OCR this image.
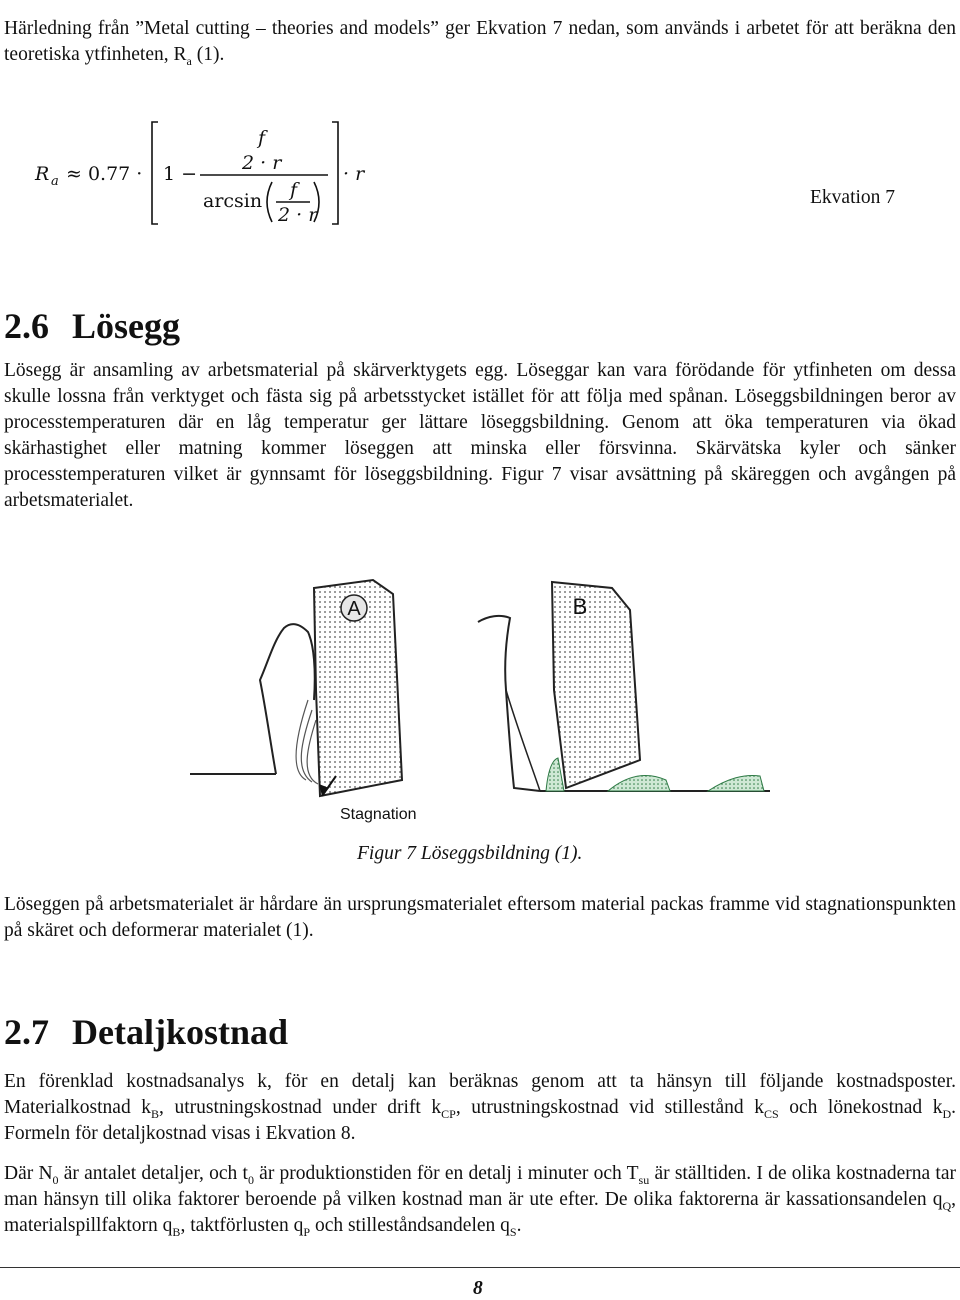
Härledning från ”Metal cutting – theories and models” ger Ekvation 7 nedan, som används i arbetet för att beräkna den teoretiska ytfinheten, $R_a$ (1).

R a ≈ 0.77 · 1 −
f
2 · r
arcsin f
2 · r
· r
Ekvation 7
2.6 Lösegg

Lösegg är ansamling av arbetsmaterial på skärverktygets egg. Löseggar kan vara förödande för ytfinheten om dessa skulle lossna från verktyget och fästa sig på arbetsstycket istället för att följa med spånan. Löseggsbildningen beror av processtemperaturen där en låg temperatur ger lättare löseggsbildning. Genom att öka temperaturen via ökad skärhastighet eller matning kommer löseggen att minska eller försvinna. Skärvätska kyler och sänker processtemperaturen vilket är gynnsamt för löseggsbildning. Figur 7 visar avsättning på skäreggen och avgången på arbetsmaterialet.

A
Stagnation
B
Figur 7 Löseggsbildning (1).

Löseggen på arbetsmaterialet är hårdare än ursprungsmaterialet eftersom material packas framme vid stagnationspunkten på skäret och deformerar materialet (1).

2.7 Detaljkostnad

En förenklad kostnadsanalys k, för en detalj kan beräknas genom att ta hänsyn till följande kostnadsposter. Materialkostnad $k_B$, utrustningskostnad under drift $k_{CP}$, utrustningskostnad vid stillestånd $k_{CS}$ och lönekostnad $k_D$. Formeln för detaljkostnad visas i Ekvation 8.

Där $N_0$ är antalet detaljer, och $t_0$ är produktionstiden för en detalj i minuter och $T_{su}$ är ställtiden. I de olika kostnaderna tar man hänsyn till olika faktorer beroende på vilken kostnad man är ute efter. De olika faktorerna är kassationsandelen $q_Q$, materialspillfaktorn $q_B$, taktförlusten $q_P$ och stilleståndsandelen $q_S$.

8
